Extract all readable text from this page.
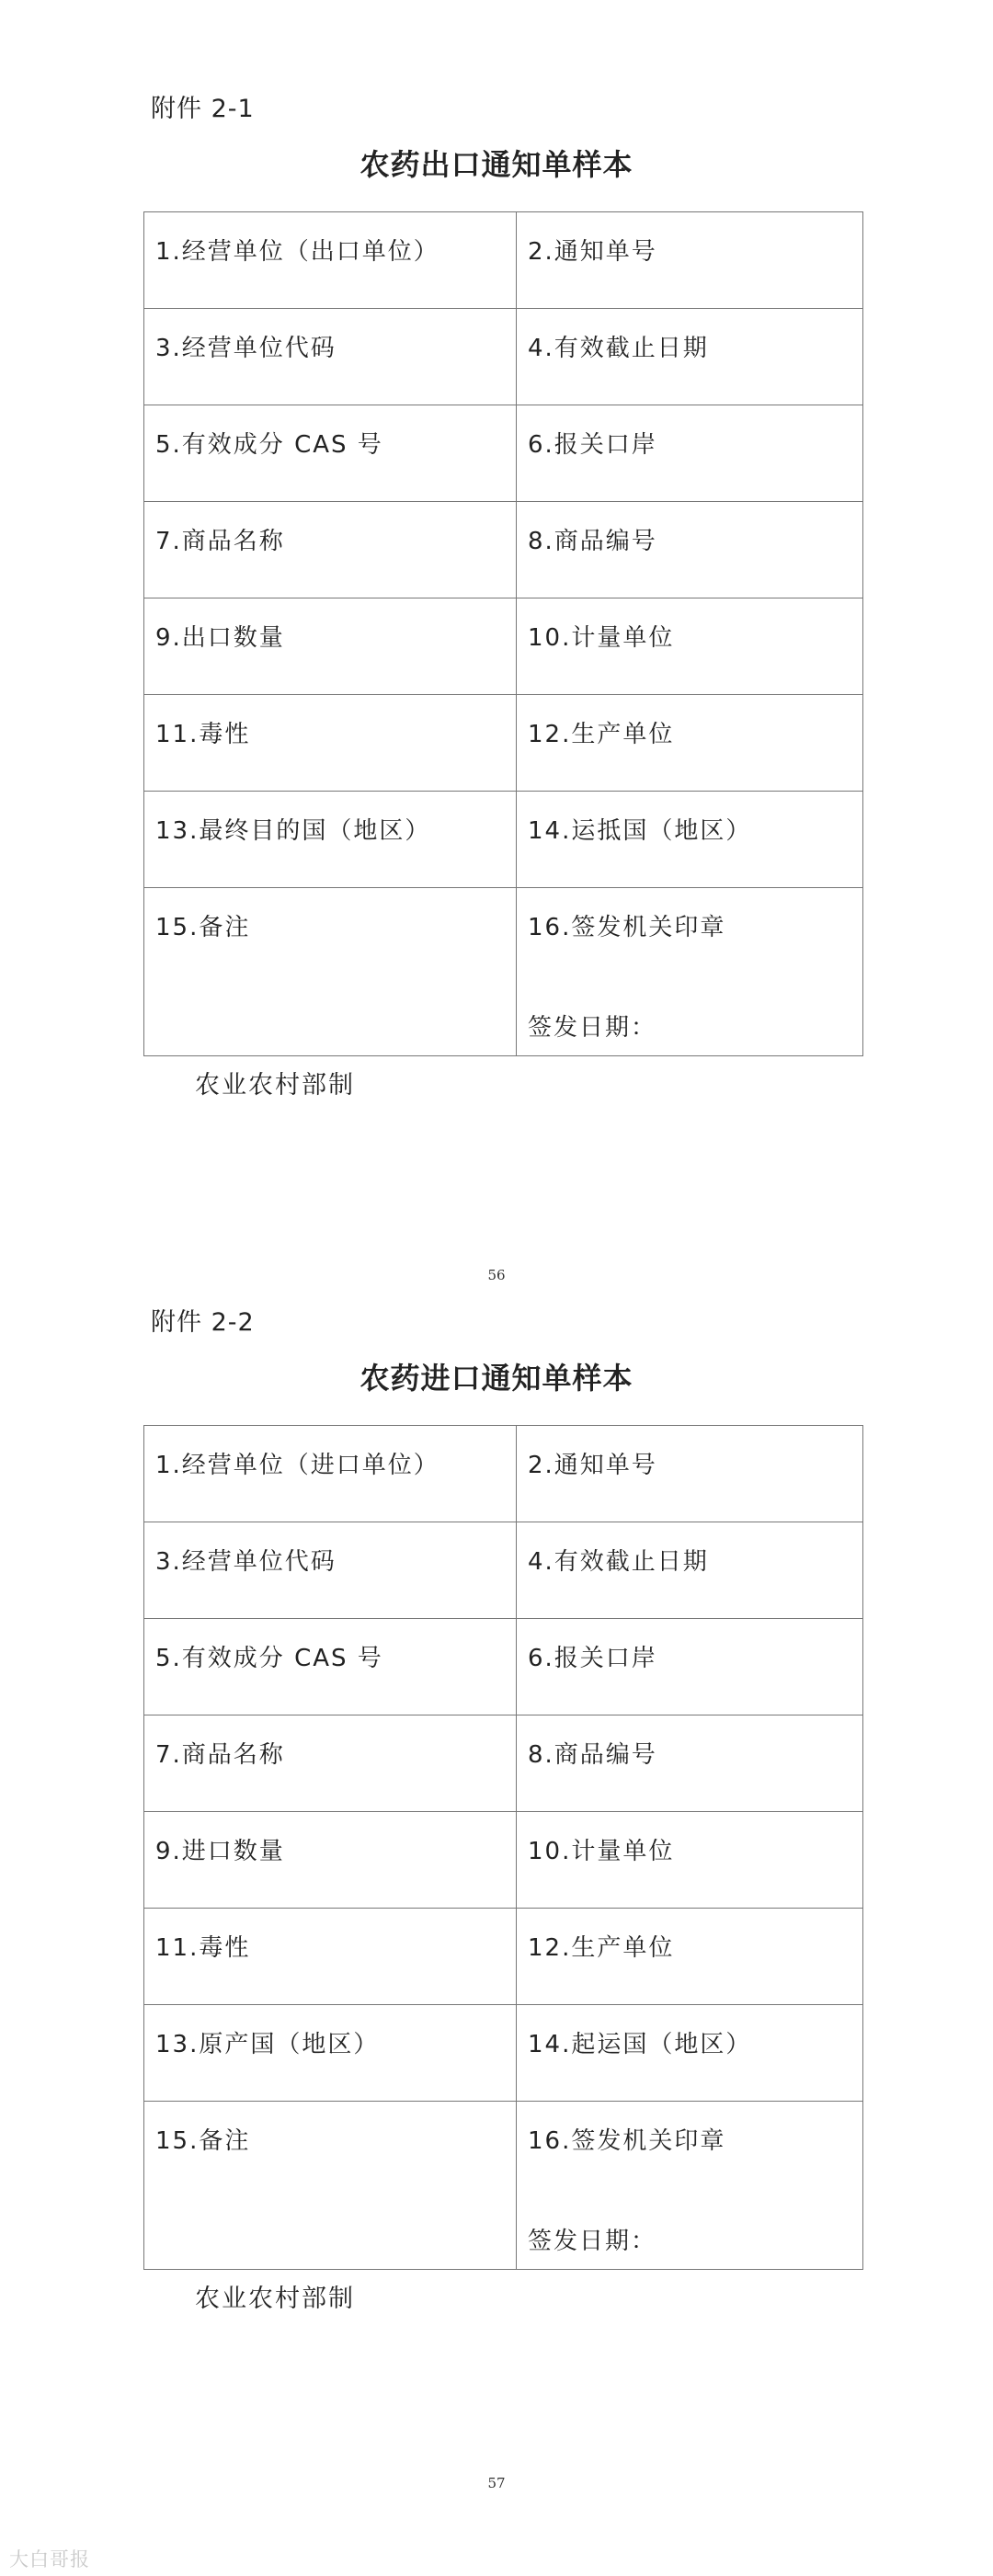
附件 2-1
农药出口通知单样本
1.经营单位（出口单位）	2.通知单号
3.经营单位代码	4.有效截止日期
5.有效成分 CAS 号	6.报关口岸
7.商品名称	8.商品编号
9.出口数量	10.计量单位
11.毒性	12.生产单位
13.最终目的国（地区）	14.运抵国（地区）
15.备注	16.签发机关印章
签发日期：
农业农村部制
56
附件 2-2
农药进口通知单样本
1.经营单位（进口单位）	2.通知单号
3.经营单位代码	4.有效截止日期
5.有效成分 CAS 号	6.报关口岸
7.商品名称	8.商品编号
9.进口数量	10.计量单位
11.毒性	12.生产单位
13.原产国（地区）	14.起运国（地区）
15.备注	16.签发机关印章
签发日期：
农业农村部制
57
大白哥报
